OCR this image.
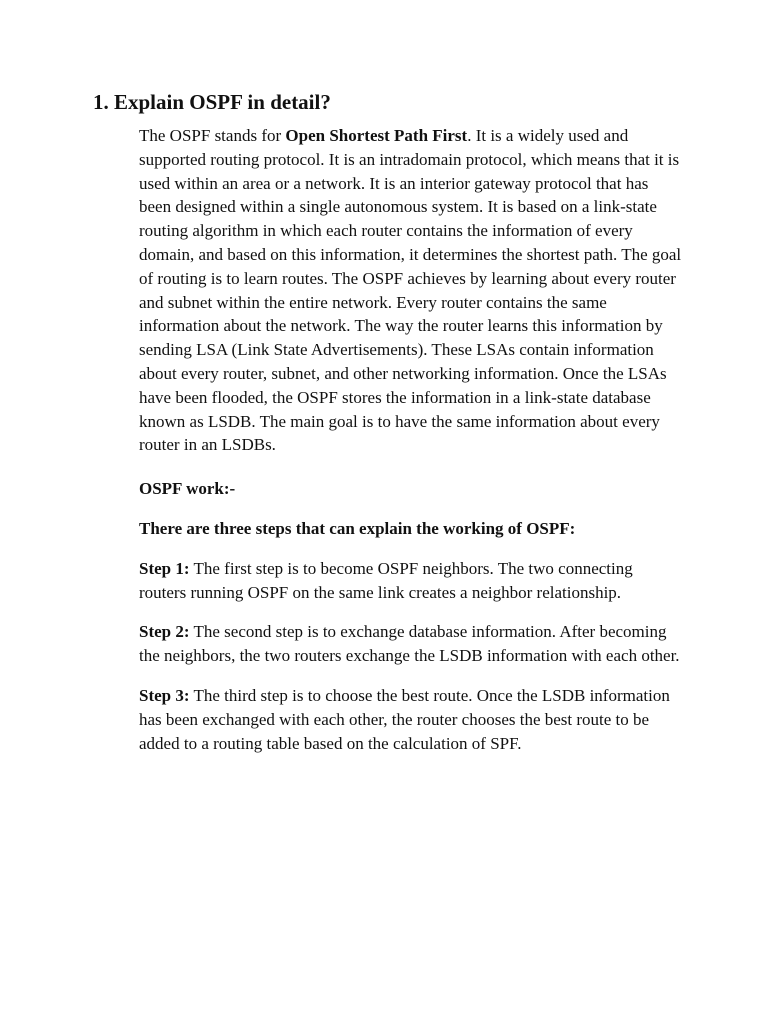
1. Explain OSPF in detail?

The OSPF stands for Open Shortest Path First. It is a widely used and supported routing protocol. It is an intradomain protocol, which means that it is used within an area or a network. It is an interior gateway protocol that has been designed within a single autonomous system. It is based on a link-state routing algorithm in which each router contains the information of every domain, and based on this information, it determines the shortest path. The goal of routing is to learn routes. The OSPF achieves by learning about every router and subnet within the entire network. Every router contains the same information about the network. The way the router learns this information by sending LSA (Link State Advertisements). These LSAs contain information about every router, subnet, and other networking information. Once the LSAs have been flooded, the OSPF stores the information in a link-state database known as LSDB. The main goal is to have the same information about every router in an LSDBs.

OSPF work:-

There are three steps that can explain the working of OSPF:

Step 1: The first step is to become OSPF neighbors. The two connecting routers running OSPF on the same link creates a neighbor relationship.

Step 2: The second step is to exchange database information. After becoming the neighbors, the two routers exchange the LSDB information with each other.

Step 3: The third step is to choose the best route. Once the LSDB information has been exchanged with each other, the router chooses the best route to be added to a routing table based on the calculation of SPF.
